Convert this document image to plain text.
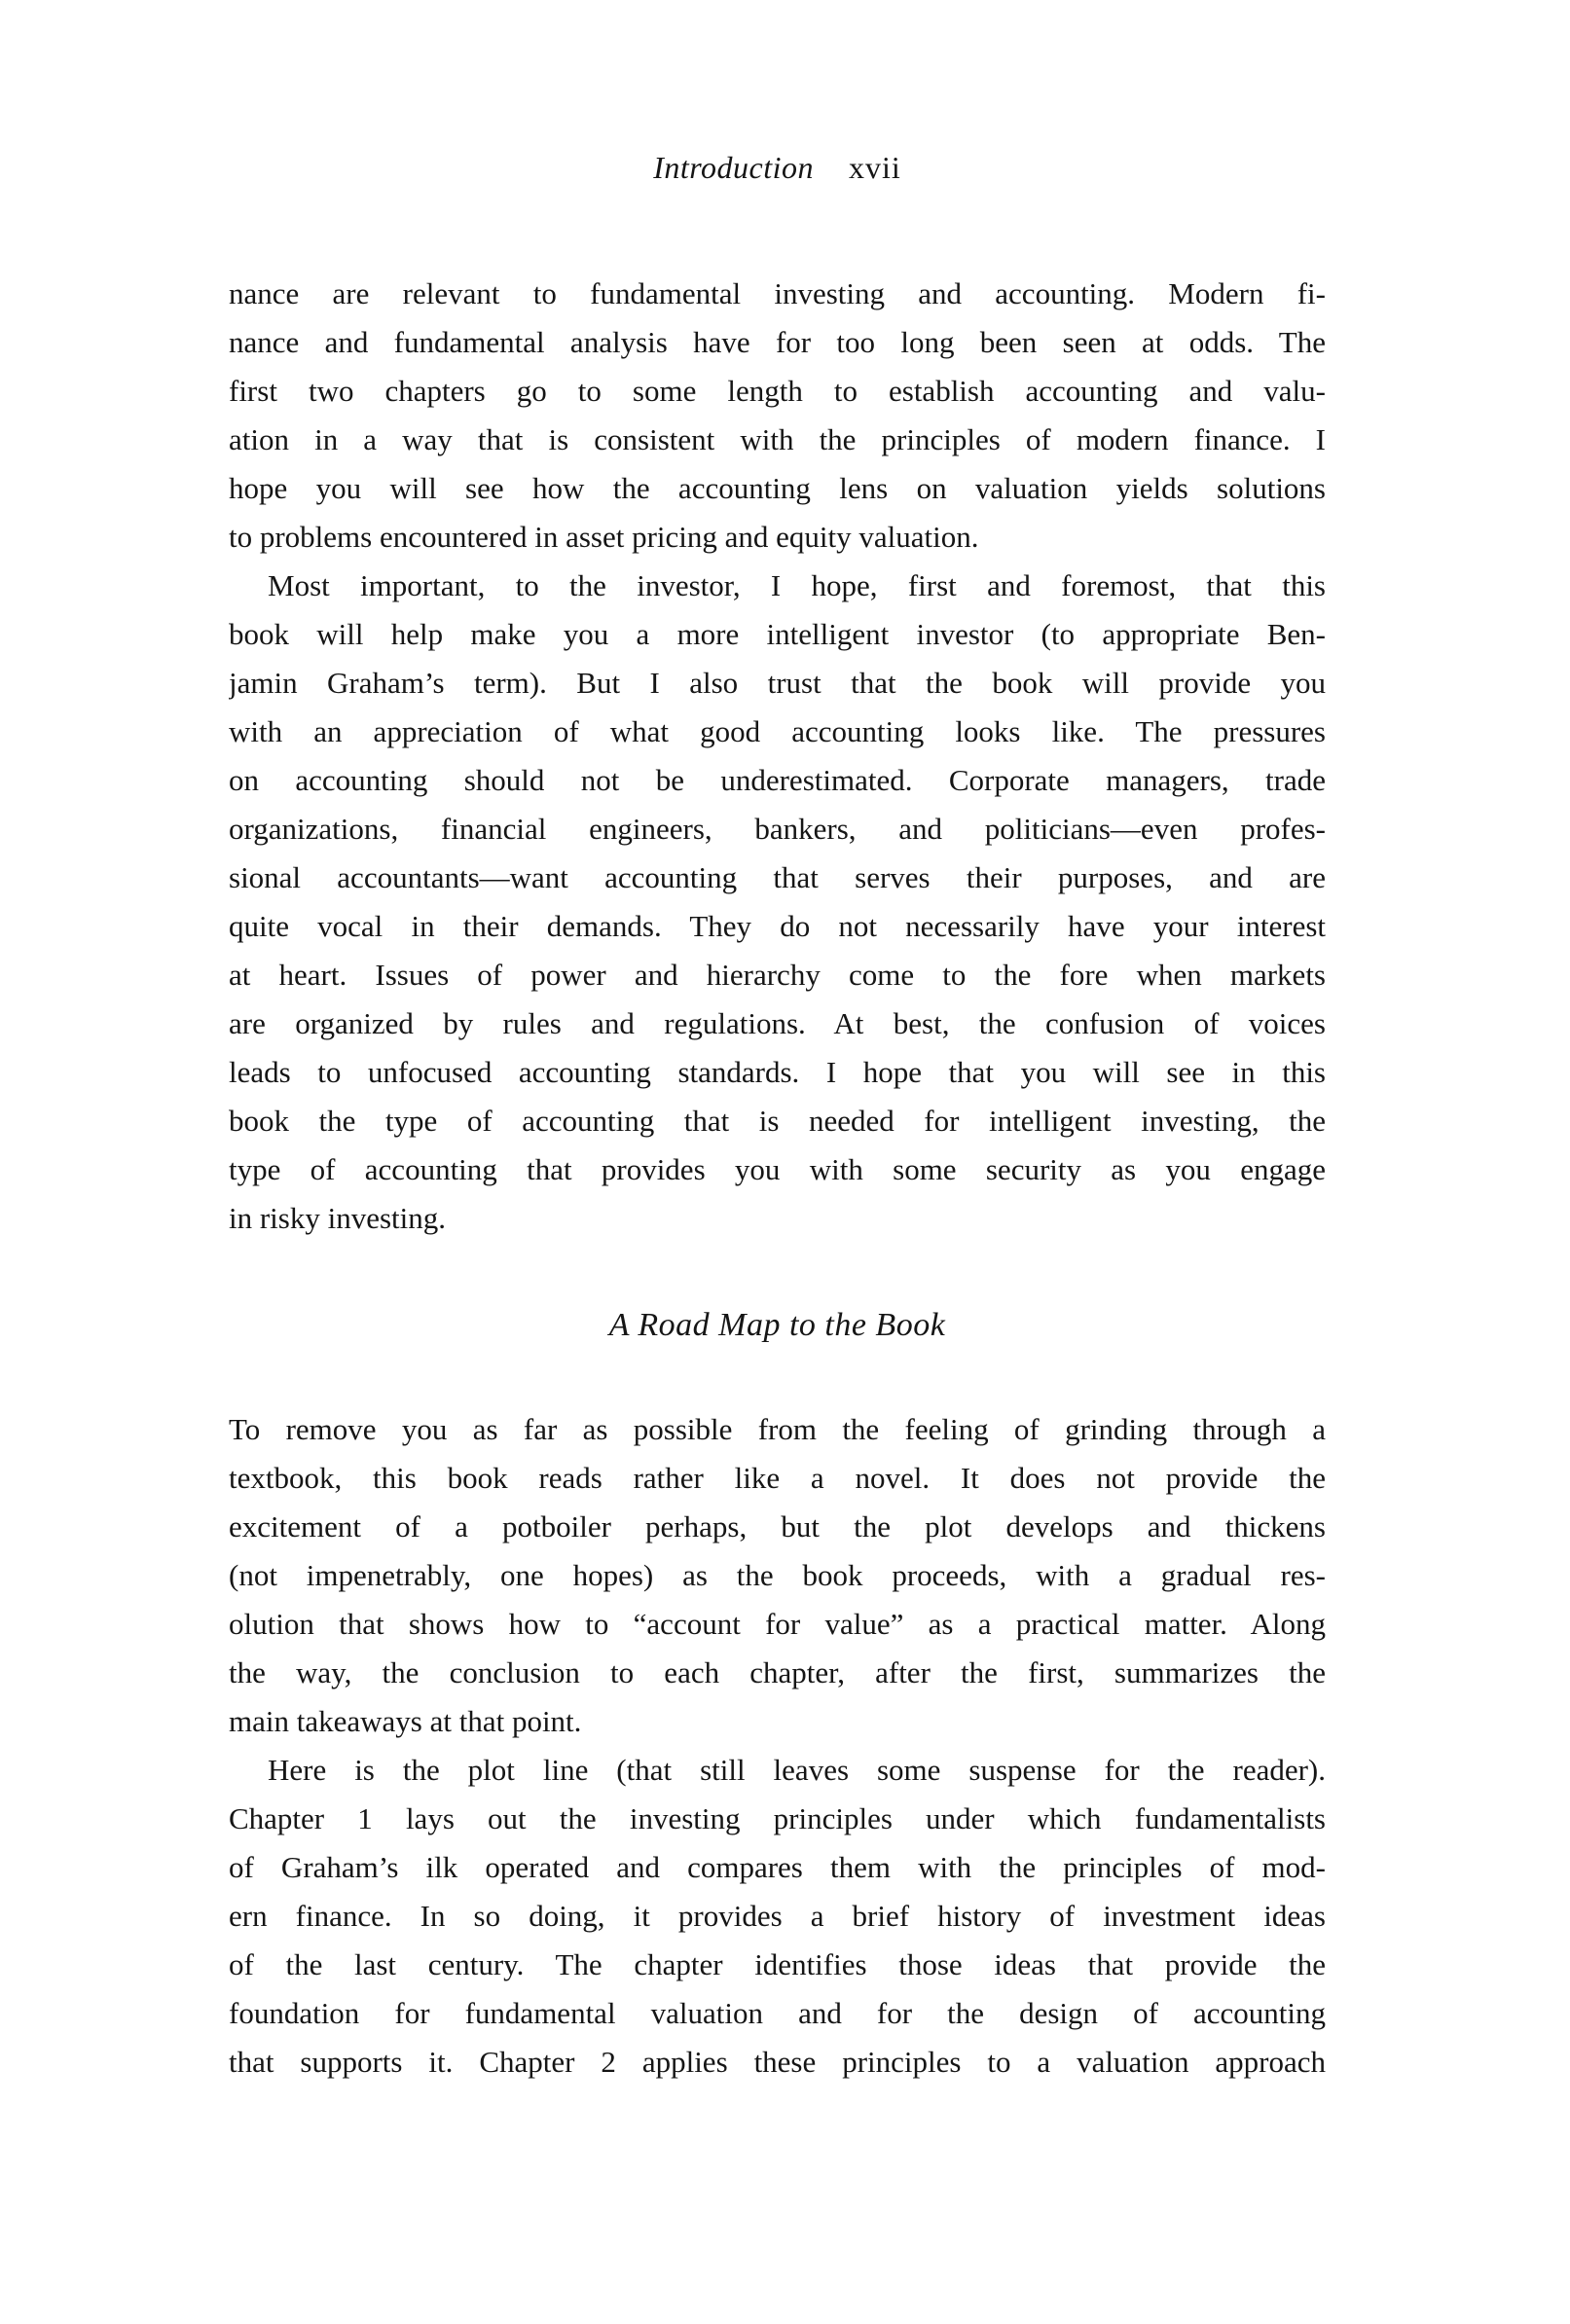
Introduction xvii
nance are relevant to fundamental investing and accounting. Modern fi-
nance and fundamental analysis have for too long been seen at odds. The
first two chapters go to some length to establish accounting and valu-
ation in a way that is consistent with the principles of modern finance. I
hope you will see how the accounting lens on valuation yields solutions
to problems encountered in asset pricing and equity valuation.
Most important, to the investor, I hope, first and foremost, that this
book will help make you a more intelligent investor (to appropriate Ben-
jamin Graham’s term). But I also trust that the book will provide you
with an appreciation of what good accounting looks like. The pressures
on accounting should not be underestimated. Corporate managers, trade
organizations, financial engineers, bankers, and politicians—even profes-
sional accountants—want accounting that serves their purposes, and are
quite vocal in their demands. They do not necessarily have your interest
at heart. Issues of power and hierarchy come to the fore when markets
are organized by rules and regulations. At best, the confusion of voices
leads to unfocused accounting standards. I hope that you will see in this
book the type of accounting that is needed for intelligent investing, the
type of accounting that provides you with some security as you engage
in risky investing.
A Road Map to the Book
To remove you as far as possible from the feeling of grinding through a
textbook, this book reads rather like a novel. It does not provide the
excitement of a potboiler perhaps, but the plot develops and thickens
(not impenetrably, one hopes) as the book proceeds, with a gradual res-
olution that shows how to “account for value” as a practical matter. Along
the way, the conclusion to each chapter, after the first, summarizes the
main takeaways at that point.
Here is the plot line (that still leaves some suspense for the reader).
Chapter 1 lays out the investing principles under which fundamentalists
of Graham’s ilk operated and compares them with the principles of mod-
ern finance. In so doing, it provides a brief history of investment ideas
of the last century. The chapter identifies those ideas that provide the
foundation for fundamental valuation and for the design of accounting
that supports it. Chapter 2 applies these principles to a valuation approach
